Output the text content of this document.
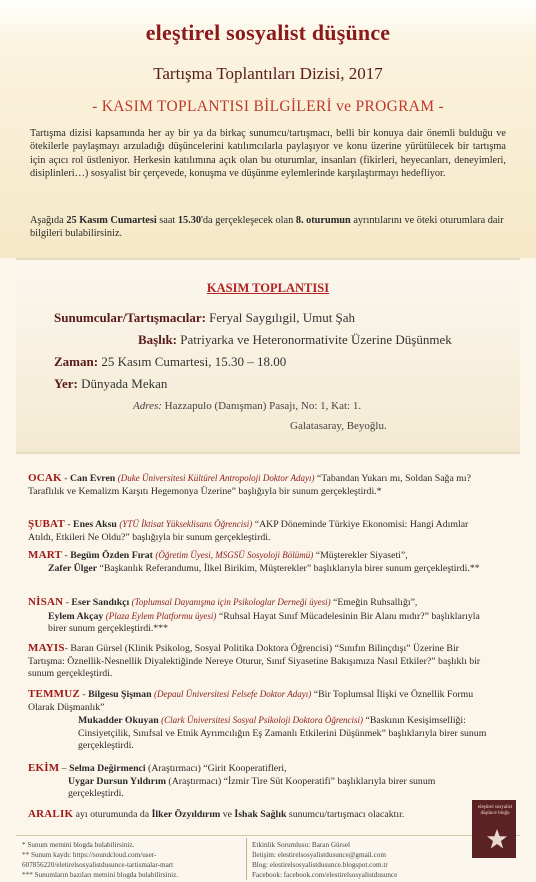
eleştirel sosyalist düşünce
Tartışma Toplantıları Dizisi, 2017
- KASIM TOPLANTISI BİLGİLERİ ve PROGRAM -
Tartışma dizisi kapsamında her ay bir ya da birkaç sunumcu/tartışmacı, belli bir konuya dair önemli bulduğu ve ötekilerle paylaşmayı arzuladığı düşüncelerini katılımcılarla paylaşıyor ve konu üzerine yürütülecek bir tartışma için açıcı rol üstleniyor. Herkesin katılımına açık olan bu oturumlar, insanları (fikirleri, heyecanları, deneyimleri, disiplinleri…) sosyalist bir çerçevede, konuşma ve düşünme eylemlerinde karşılaştırmayı hedefliyor.
Aşağıda 25 Kasım Cumartesi saat 15.30'da gerçekleşecek olan 8. oturumun ayrıntılarını ve öteki oturumlara dair bilgileri bulabilirsiniz.
KASIM TOPLANTISI
Sunumcular/Tartışmacılar: Feryal Saygılıgil, Umut Şah
Başlık: Patriyarka ve Heteronormativite Üzerine Düşünmek
Zaman: 25 Kasım Cumartesi, 15.30 – 18.00
Yer: Dünyada Mekan
Adres: Hazzapulo (Danışman) Pasajı, No: 1, Kat: 1.
Galatasaray, Beyoğlu.
OCAK - Can Evren (Duke Üniversitesi Kültürel Antropoloji Doktor Adayı) “Tabandan Yukarı mı, Soldan Sağa mı? Taraflılık ve Kemalizm Karşıtı Hegemonya Üzerine” başlığıyla bir sunum gerçekleştirdi.*
ŞUBAT - Enes Aksu (YTÜ İktisat Yükseklisans Öğrencisi) “AKP Döneminde Türkiye Ekonomisi: Hangi Adımlar Atıldı, Etkileri Ne Oldu?” başlığıyla bir sunum gerçekleştirdi.
MART - Begüm Özden Fırat (Öğretim Üyesi, MSGSÜ Sosyoloji Bölümü) “Müşterekler Siyaseti”,
Zafer Ülger “Başkanlık Referandumu, İlkel Birikim, Müşterekler” başlıklarıyla birer sunum gerçekleştirdi.**
NİSAN - Eser Sandıkçı (Toplumsal Dayanışma için Psikologlar Derneği üyesi) “Emeğin Ruhsallığı”,
Eylem Akçay (Plaza Eylem Platformu üyesi) “Ruhsal Hayat Sınıf Mücadelesinin Bir Alanı mıdır?” başlıklarıyla birer sunum gerçekleştirdi.***
MAYIS- Baran Gürsel (Klinik Psikolog, Sosyal Politika Doktora Öğrencisi) “Sınıfın Bilinçdışı” Üzerine Bir Tartışma: Öznellik-Nesnellik Diyalektiğinde Nereye Oturur, Sınıf Siyasetine Bakışımıza Nasıl Etkiler?” başlıklı bir sunum gerçekleştirdi.
TEMMUZ - Bilgesu Şişman (Depaul Üniversitesi Felsefe Doktor Adayı) “Bir Toplumsal İlişki ve Öznellik Formu Olarak Düşmanlık”
Mukadder Okuyan (Clark Üniversitesi Sosyal Psikoloji Doktora Öğrencisi) “Baskının Kesişimselliği: Cinsiyetçilik, Sınıfsal ve Etnik Ayrımcılığın Eş Zamanlı Etkilerini Düşünmek” başlıklarıyla birer sunum gerçekleştirdi.
EKİM – Selma Değirmenci (Araştırmacı) “Girit Kooperatifleri,
Uygar Dursun Yıldırım (Araştırmacı) “İzmir Tire Süt Kooperatifi” başlıklarıyla birer sunum gerçekleştirdi.
ARALIK ayı oturumunda da İlker Özyıldırım ve İshak Sağlık sunumcu/tartışmacı olacaktır.
* Sunum metnini blogda bulabilirsiniz.
** Sunum kaydı: https://soundcloud.com/user-
607856220/eletirelsosyalistdusunce-tartismalar-mart
*** Sunumların bazıları metnini blogda bulabilirsiniz.
Etkinlik Sorumlusu: Baran Gürsel
İletişim: elestirelsosyalistdusunce@gmail.com
Blog: elestirelsosyalistdusunce.blogspot.com.tr
Facebook: facebook.com/elestirelsosyalistdusunce
eleştirel sosyalist düşünce bloğu
